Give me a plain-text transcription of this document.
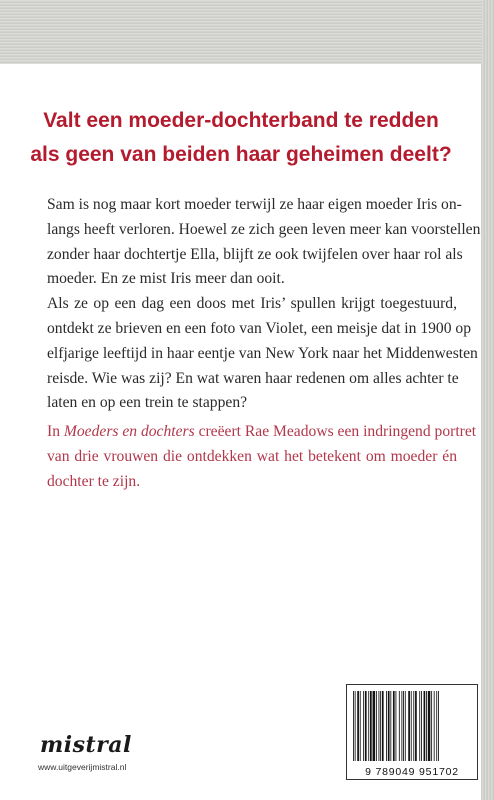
Valt een moeder-dochterband te redden
als geen van beiden haar geheimen deelt?
Sam is nog maar kort moeder terwijl ze haar eigen moeder Iris on-
langs heeft verloren. Hoewel ze zich geen leven meer kan voorstellen
zonder haar dochtertje Ella, blijft ze ook twijfelen over haar rol als
moeder. En ze mist Iris meer dan ooit.
Als ze op een dag een doos met Iris’ spullen krijgt toegestuurd,
ontdekt ze brieven en een foto van Violet, een meisje dat in 1900 op
elfjarige leeftijd in haar eentje van New York naar het Middenwesten
reisde. Wie was zij? En wat waren haar redenen om alles achter te
laten en op een trein te stappen?
In Moeders en dochters creëert Rae Meadows een indringend portret
van drie vrouwen die ontdekken wat het betekent om moeder én
dochter te zijn.
mistral
www.uitgeverijmistral.nl	9 789049 951702
